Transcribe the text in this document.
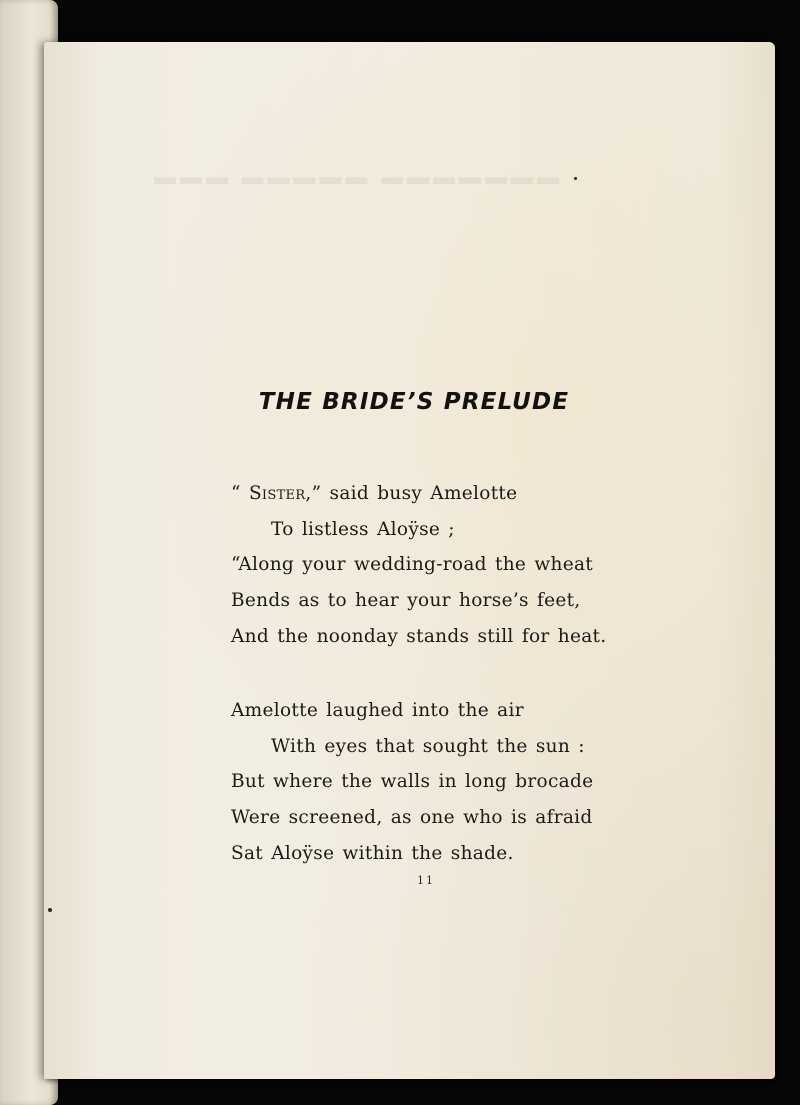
▬▬▬ ▬▬▬▬▬ ▬▬▬▬▬▬▬
THE BRIDE’S PRELUDE
“ Sister,” said busy Amelotte
To listless Aloÿse ;
“Along your wedding-road the wheat
Bends as to hear your horse’s feet,
And the noonday stands still for heat.
Amelotte laughed into the air
With eyes that sought the sun :
But where the walls in long brocade
Were screened, as one who is afraid
Sat Aloÿse within the shade.
11
